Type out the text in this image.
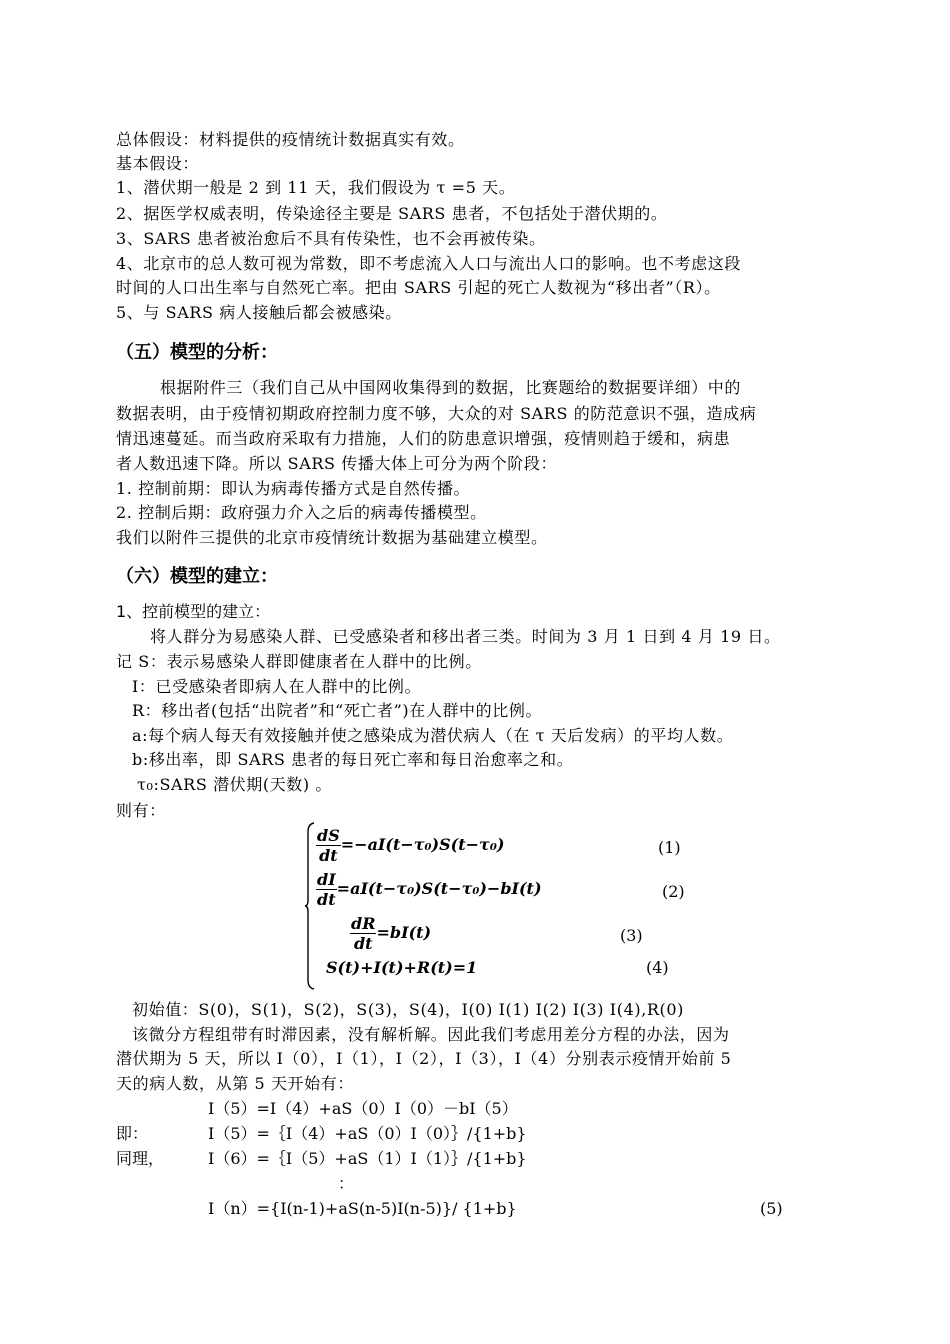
总体假设：材料提供的疫情统计数据真实有效。
基本假设：
1、潜伏期一般是 2 到 11 天，我们假设为 τ =5 天。
2、据医学权威表明，传染途径主要是 SARS 患者，不包括处于潜伏期的。
3、SARS 患者被治愈后不具有传染性，也不会再被传染。
4、北京市的总人数可视为常数，即不考虑流入人口与流出人口的影响。也不考虑这段
时间的人口出生率与自然死亡率。把由 SARS 引起的死亡人数视为“移出者”（R）。
5、与 SARS 病人接触后都会被感染。
（五）模型的分析：
根据附件三（我们自己从中国网收集得到的数据，比赛题给的数据要详细）中的
数据表明，由于疫情初期政府控制力度不够，大众的对 SARS 的防范意识不强，造成病
情迅速蔓延。而当政府采取有力措施，人们的防患意识增强，疫情则趋于缓和，病患
者人数迅速下降。所以 SARS 传播大体上可分为两个阶段：
1. 控制前期：即认为病毒传播方式是自然传播。
2. 控制后期：政府强力介入之后的病毒传播模型。
我们以附件三提供的北京市疫情统计数据为基础建立模型。
（六）模型的建立：
1、控前模型的建立：
将人群分为易感染人群、已受感染者和移出者三类。时间为 3 月 1 日到 4 月 19 日。
记 S：表示易感染人群即健康者在人群中的比例。
I：已受感染者即病人在人群中的比例。
R：移出者(包括“出院者”和“死亡者”)在人群中的比例。
a:每个病人每天有效接触并使之感染成为潜伏病人（在 τ 天后发病）的平均人数。
b:移出率，即 SARS 患者的每日死亡率和每日治愈率之和。
τ₀:SARS 潜伏期(天数) 。
则有：
$\frac{dS}{dt} =-aI(t-\tau_0)S(t-\tau_0)$	(1)
$\frac{dI}{dt} =aI(t-\tau_0)S(t-\tau_0)-bI(t)$	(2)
$\frac{dR}{dt} =bI(t)$	(3)
S(t)+I(t)+R(t)=1	(4)
初始值：S(0)，S(1)，S(2)，S(3)，S(4)，I(0) I(1) I(2) I(3) I(4),R(0)
该微分方程组带有时滞因素，没有解析解。因此我们考虑用差分方程的办法，因为
潜伏期为 5 天，所以 I（0），I（1），I（2），I（3），I（4）分别表示疫情开始前 5
天的病人数，从第 5 天开始有：
I（5）=I（4）+aS（0）I（0）－bI（5）
即：	I（5）=｛I（4）+aS（0）I（0）｝/{1+b}
同理，	I（6）=｛I（5）+aS（1）I（1）｝/{1+b}
：
I（n）={I(n-1)+aS(n-5)I(n-5)}/ {1+b}	(5)
